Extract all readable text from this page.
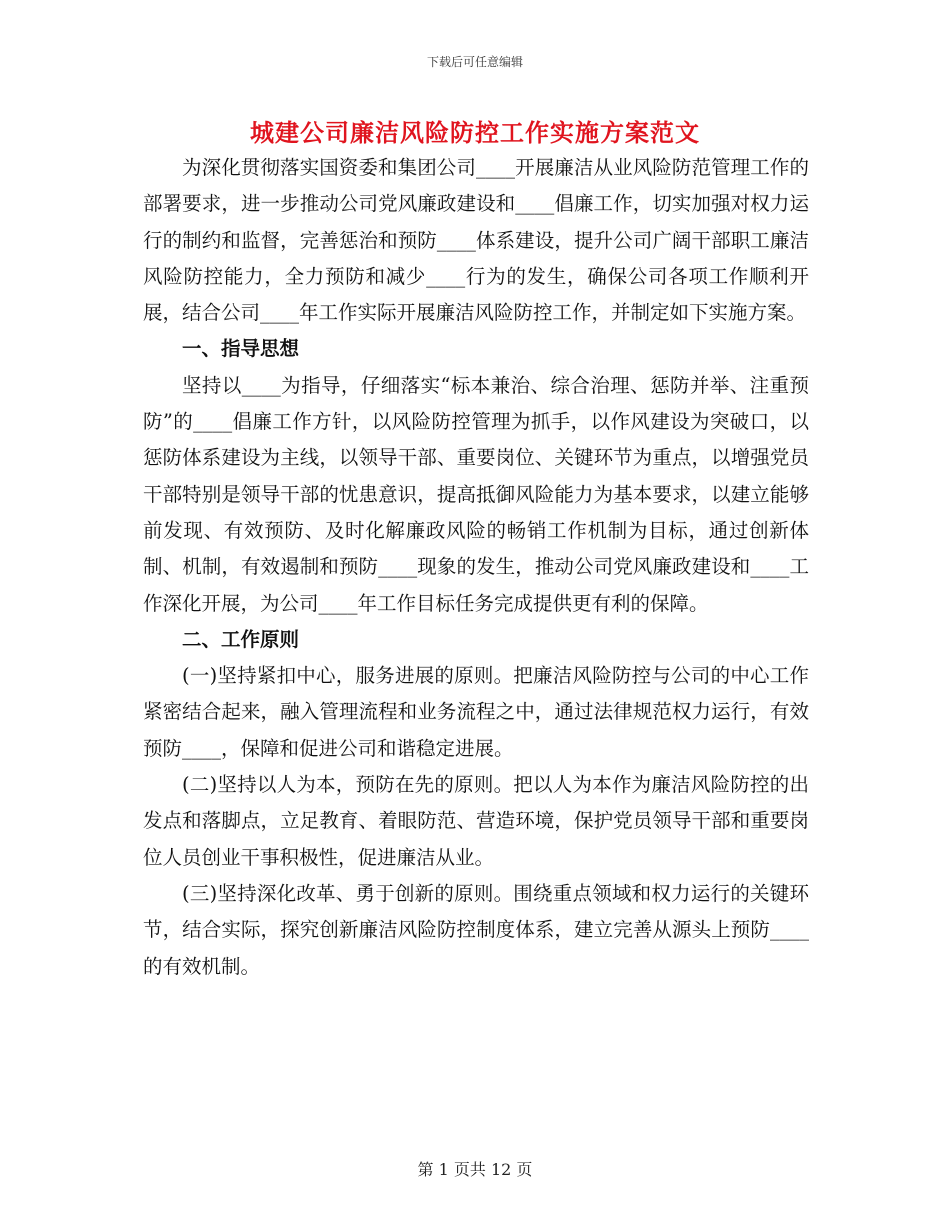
下载后可任意编辑
城建公司廉洁风险防控工作实施方案范文

为深化贯彻落实国资委和集团公司____开展廉洁从业风险防范管理工作的部署要求，进一步推动公司党风廉政建设和____倡廉工作，切实加强对权力运行的制约和监督，完善惩治和预防____体系建设，提升公司广阔干部职工廉洁风险防控能力，全力预防和减少____行为的发生，确保公司各项工作顺利开展，结合公司____年工作实际开展廉洁风险防控工作，并制定如下实施方案。

一、指导思想

坚持以____为指导，仔细落实“标本兼治、综合治理、惩防并举、注重预防”的____倡廉工作方针，以风险防控管理为抓手，以作风建设为突破口，以惩防体系建设为主线，以领导干部、重要岗位、关键环节为重点，以增强党员干部特别是领导干部的忧患意识，提高抵御风险能力为基本要求，以建立能够前发现、有效预防、及时化解廉政风险的畅销工作机制为目标，通过创新体制、机制，有效遏制和预防____现象的发生，推动公司党风廉政建设和____工作深化开展，为公司____年工作目标任务完成提供更有利的保障。

二、工作原则

(一)坚持紧扣中心，服务进展的原则。把廉洁风险防控与公司的中心工作紧密结合起来，融入管理流程和业务流程之中，通过法律规范权力运行，有效预防____，保障和促进公司和谐稳定进展。

(二)坚持以人为本，预防在先的原则。把以人为本作为廉洁风险防控的出发点和落脚点，立足教育、着眼防范、营造环境，保护党员领导干部和重要岗位人员创业干事积极性，促进廉洁从业。

(三)坚持深化改革、勇于创新的原则。围绕重点领域和权力运行的关键环节，结合实际，探究创新廉洁风险防控制度体系，建立完善从源头上预防____的有效机制。

第 1 页共 12 页
